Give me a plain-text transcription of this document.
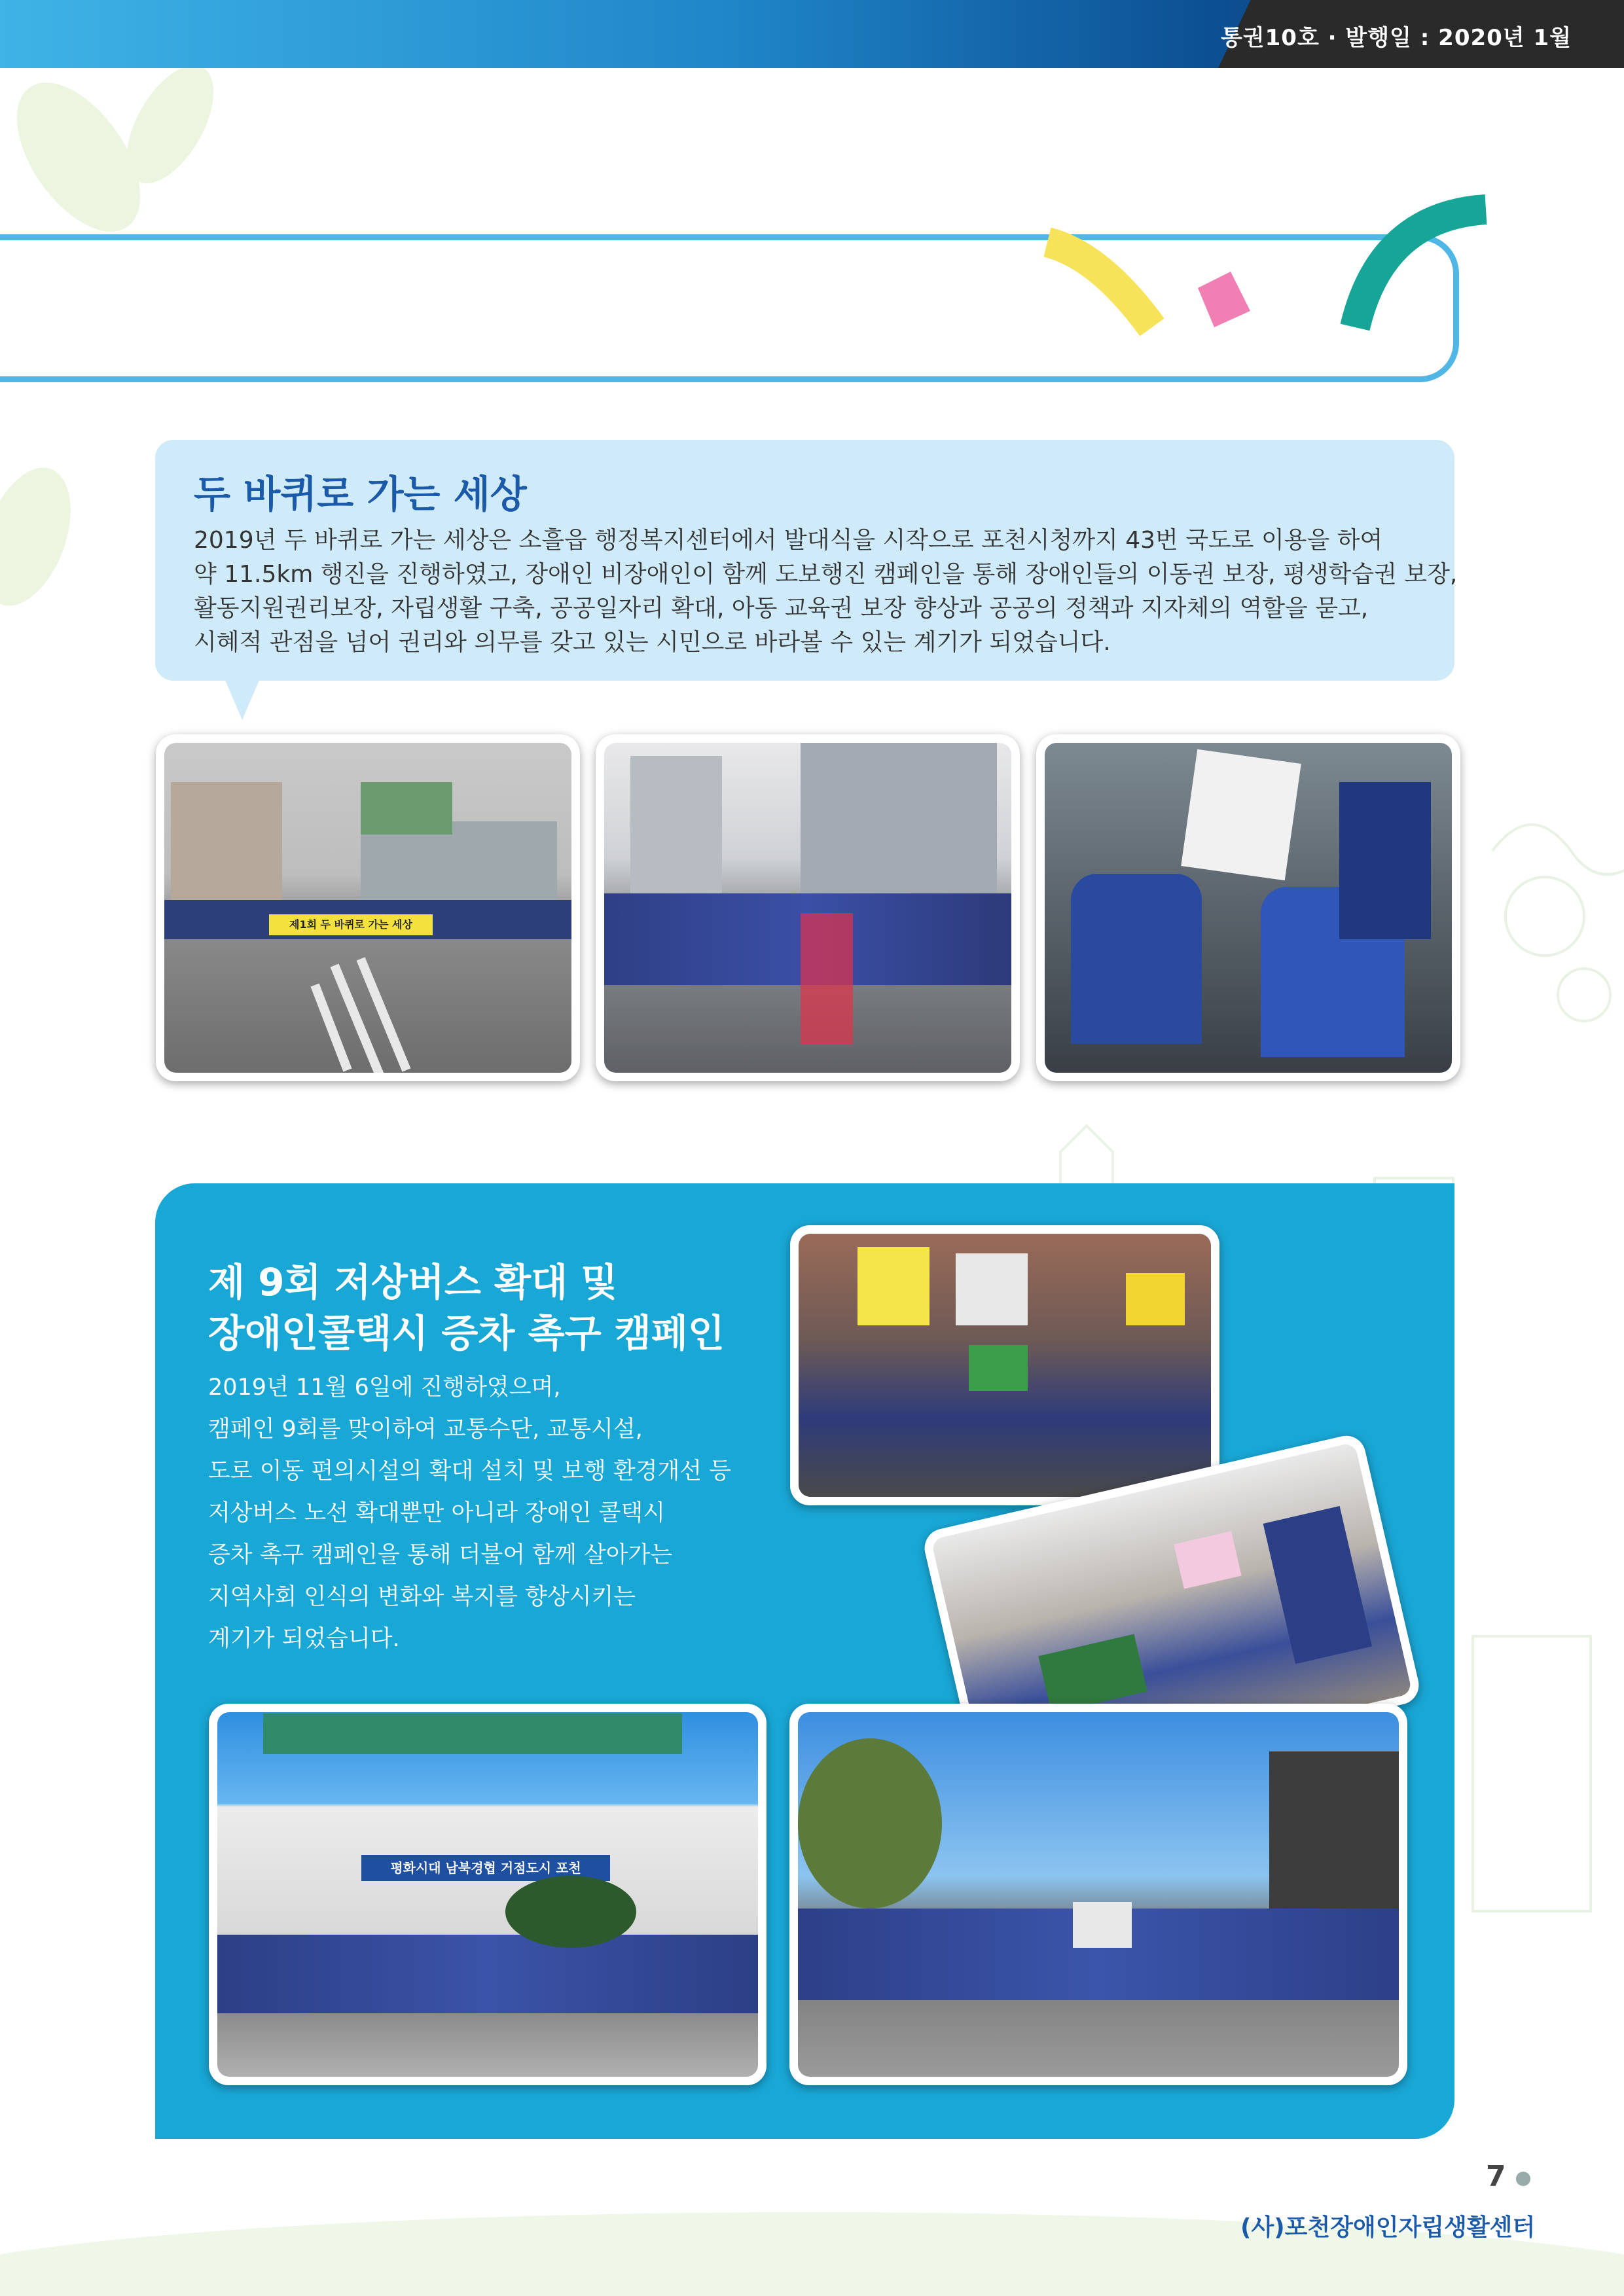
통권10호 · 발행일 : 2020년 1월
두 바퀴로 가는 세상
2019년 두 바퀴로 가는 세상은 소흘읍 행정복지센터에서 발대식을 시작으로 포천시청까지 43번 국도로 이용을 하여
약 11.5km 행진을 진행하였고, 장애인 비장애인이 함께 도보행진 캠페인을 통해 장애인들의 이동권 보장, 평생학습권 보장,
활동지원권리보장, 자립생활 구축, 공공일자리 확대, 아동 교육권 보장 향상과 공공의 정책과 지자체의 역할을 묻고,
시혜적 관점을 넘어 권리와 의무를 갖고 있는 시민으로 바라볼 수 있는 계기가 되었습니다.
제1회 두 바퀴로 가는 세상
제 9회 저상버스 확대 및
장애인콜택시 증차 촉구 캠페인
2019년 11월 6일에 진행하였으며,
캠페인 9회를 맞이하여 교통수단, 교통시설,
도로 이동 편의시설의 확대 설치 및 보행 환경개선 등
저상버스 노선 확대뿐만 아니라 장애인 콜택시
증차 촉구 캠페인을 통해 더불어 함께 살아가는
지역사회 인식의 변화와 복지를 향상시키는
계기가 되었습니다.
평화시대 남북경협 거점도시 포천
7
(사)포천장애인자립생활센터
